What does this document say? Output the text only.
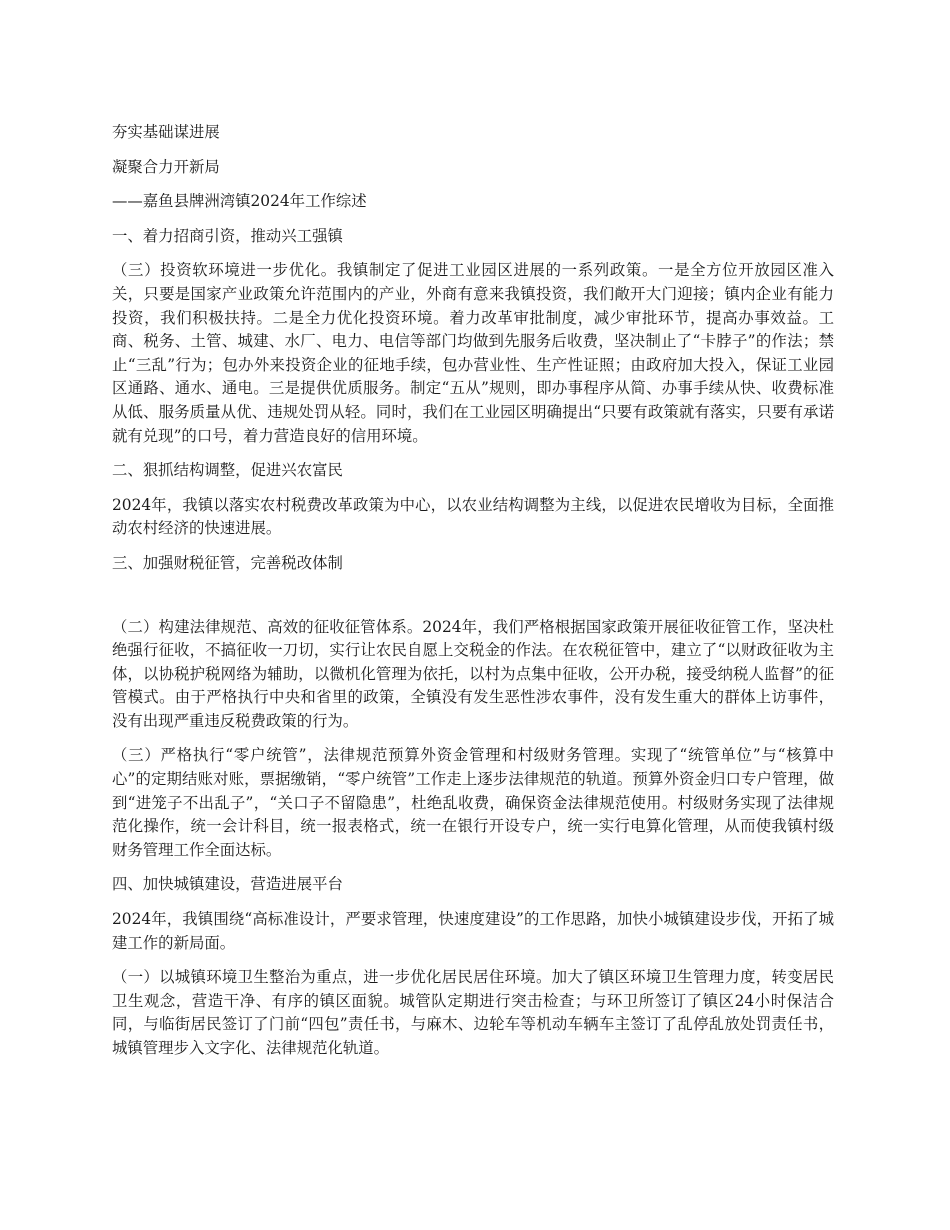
夯实基础谋进展

凝聚合力开新局

——嘉鱼县牌洲湾镇2024年工作综述

一、着力招商引资，推动兴工强镇

（三）投资软环境进一步优化。我镇制定了促进工业园区进展的一系列政策。一是全方位开放园区准入关，只要是国家产业政策允许范围内的产业，外商有意来我镇投资，我们敞开大门迎接；镇内企业有能力投资，我们积极扶持。二是全力优化投资环境。着力改革审批制度，减少审批环节，提高办事效益。工商、税务、土管、城建、水厂、电力、电信等部门均做到先服务后收费，坚决制止了“卡脖子”的作法；禁止“三乱”行为；包办外来投资企业的征地手续，包办营业性、生产性证照；由政府加大投入，保证工业园区通路、通水、通电。三是提供优质服务。制定“五从”规则，即办事程序从简、办事手续从快、收费标准从低、服务质量从优、违规处罚从轻。同时，我们在工业园区明确提出“只要有政策就有落实，只要有承诺就有兑现”的口号，着力营造良好的信用环境。

二、狠抓结构调整，促进兴农富民

2024年，我镇以落实农村税费改革政策为中心，以农业结构调整为主线，以促进农民增收为目标，全面推动农村经济的快速进展。

三、加强财税征管，完善税改体制

（二）构建法律规范、高效的征收征管体系。2024年，我们严格根据国家政策开展征收征管工作，坚决杜绝强行征收，不搞征收一刀切，实行让农民自愿上交税金的作法。在农税征管中，建立了“以财政征收为主体，以协税护税网络为辅助，以微机化管理为依托，以村为点集中征收，公开办税，接受纳税人监督”的征管模式。由于严格执行中央和省里的政策，全镇没有发生恶性涉农事件，没有发生重大的群体上访事件，没有出现严重违反税费政策的行为。

（三）严格执行“零户统管”，法律规范预算外资金管理和村级财务管理。实现了“统管单位”与“核算中心”的定期结账对账，票据缴销，“零户统管”工作走上逐步法律规范的轨道。预算外资金归口专户管理，做到“进笼子不出乱子”，“关口子不留隐患”，杜绝乱收费，确保资金法律规范使用。村级财务实现了法律规范化操作，统一会计科目，统一报表格式，统一在银行开设专户，统一实行电算化管理，从而使我镇村级财务管理工作全面达标。

四、加快城镇建设，营造进展平台

2024年，我镇围绕“高标准设计，严要求管理，快速度建设”的工作思路，加快小城镇建设步伐，开拓了城建工作的新局面。

（一）以城镇环境卫生整治为重点，进一步优化居民居住环境。加大了镇区环境卫生管理力度，转变居民卫生观念，营造干净、有序的镇区面貌。城管队定期进行突击检查；与环卫所签订了镇区24小时保洁合同，与临街居民签订了门前“四包”责任书，与麻木、边轮车等机动车辆车主签订了乱停乱放处罚责任书，城镇管理步入文字化、法律规范化轨道。
